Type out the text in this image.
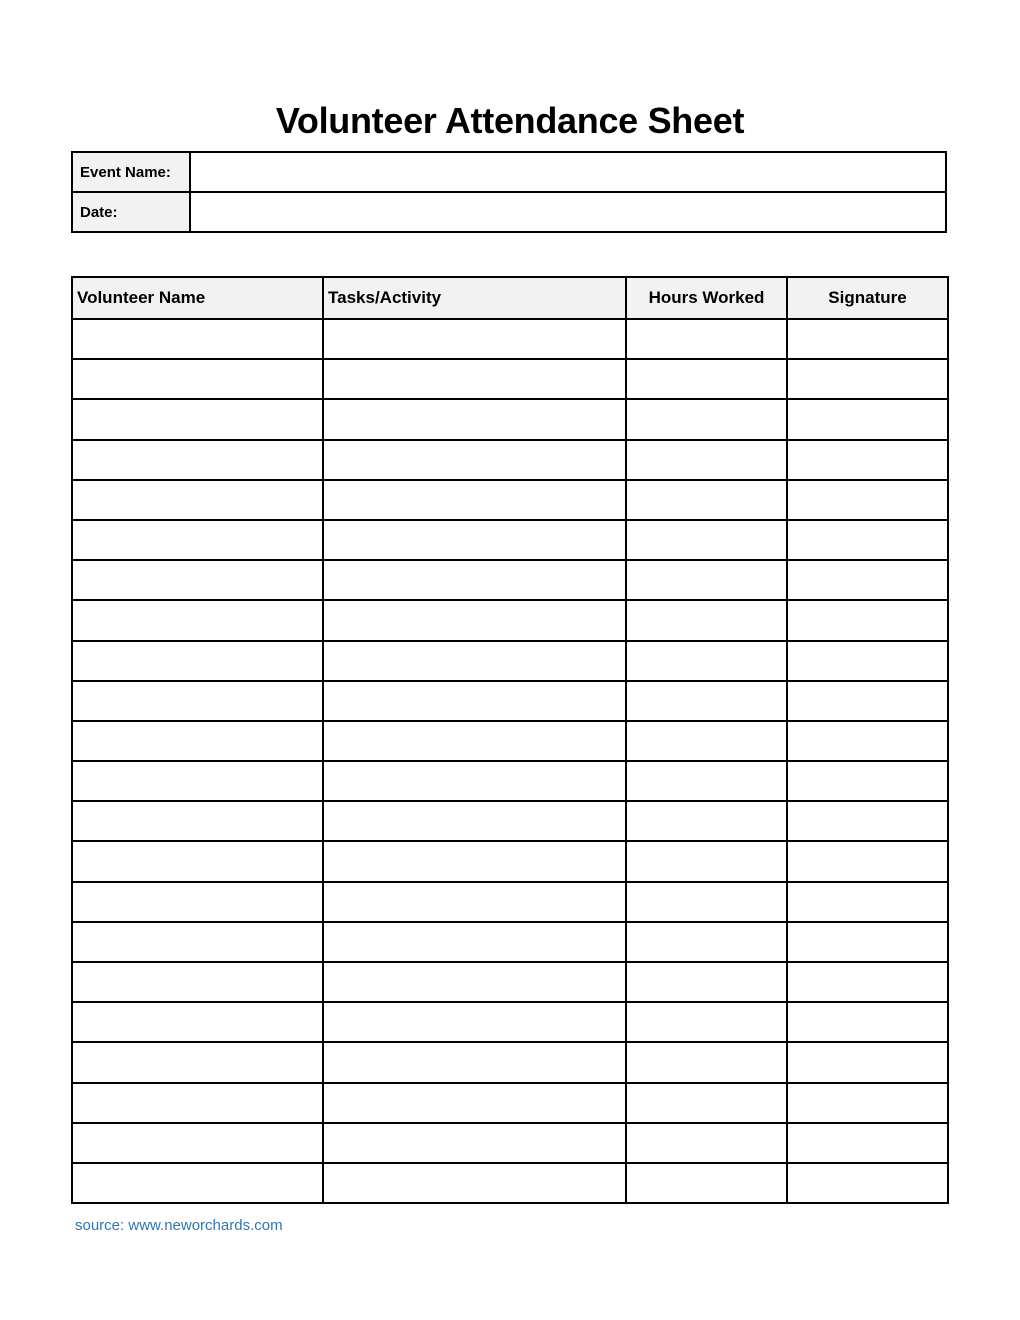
Volunteer Attendance Sheet
Event Name:	
Date:	
Volunteer Name	Tasks/Activity	Hours Worked	Signature

source: www.neworchards.com
